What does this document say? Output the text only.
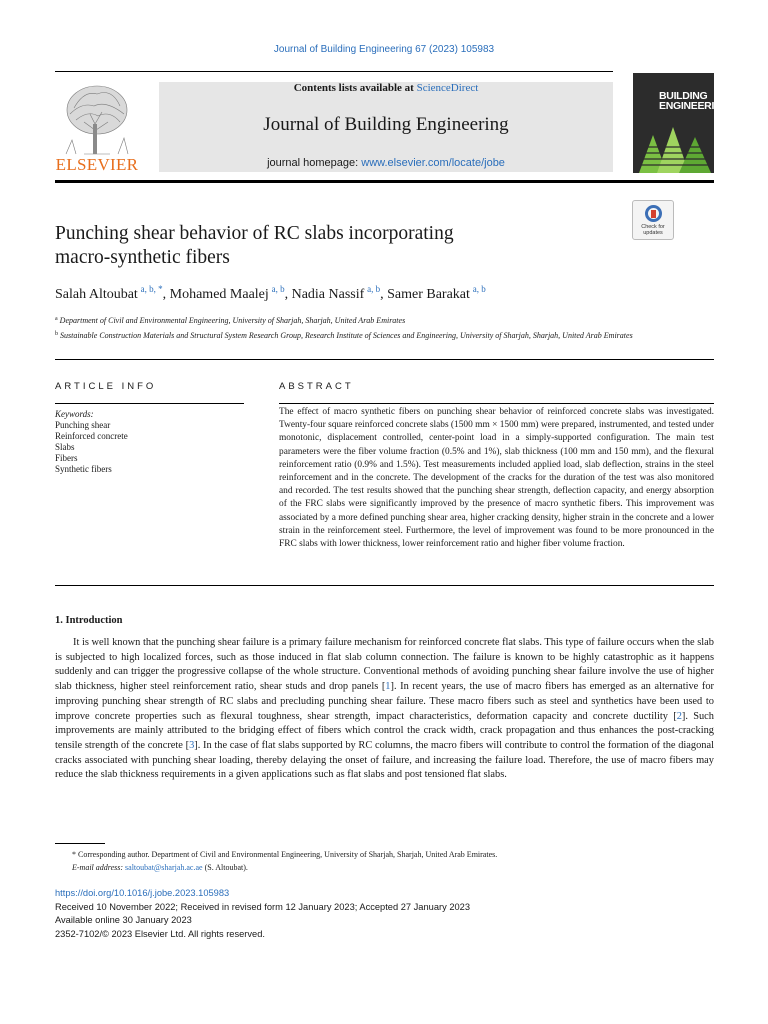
Journal of Building Engineering 67 (2023) 105983
ELSEVIER
Contents lists available at ScienceDirect
Journal of Building Engineering
journal homepage: www.elsevier.com/locate/jobe
BUILDING
ENGINEERING
Check for
updates
Punching shear behavior of RC slabs incorporating
macro-synthetic fibers
Salah Altoubat  $^{a, b, *}$, Mohamed Maalej  $^{a, b}$, Nadia Nassif  $^{a, b}$, Samer Barakat  $^{a, b}$
$^a$ Department of Civil and Environmental Engineering, University of Sharjah, Sharjah, United Arab Emirates
$^b$ Sustainable Construction Materials and Structural System Research Group, Research Institute of Sciences and Engineering, University of Sharjah, Sharjah, United Arab Emirates
ARTICLE INFO	ABSTRACT
Keywords:
Punching shear
Reinforced concrete
Slabs
Fibers
Synthetic fibers
The effect of macro synthetic fibers on punching shear behavior of reinforced concrete slabs was investigated. Twenty-four square reinforced concrete slabs (1500 mm × 1500 mm) were prepared, instrumented, and tested under monotonic, displacement controlled, center-point load in a simply-supported configuration. The main test parameters were the fiber volume fraction (0.5% and 1%), slab thickness (100 mm and 150 mm), and the flexural reinforcement ratio (0.9% and 1.5%). Test measurements included applied load, slab deflection, strains in the steel reinforcement and in the concrete. The development of the cracks for the duration of the test was also monitored and recorded. The test results showed that the punching shear strength, deflection capacity, and energy absorption of the FRC slabs were significantly improved by the presence of macro synthetic fibers. This improvement was associated by a more defined punching shear area, higher cracking density, higher strain in the concrete and a lower strain in the reinforcement steel. Furthermore, the level of improvement was found to be more pronounced in the FRC slabs with lower thickness, lower reinforcement ratio and higher fiber volume fraction.
1. Introduction
It is well known that the punching shear failure is a primary failure mechanism for reinforced concrete flat slabs. This type of failure occurs when the slab is subjected to high localized forces, such as those induced in flat slab column connection. The failure is known to be highly catastrophic as it happens suddenly and can trigger the progressive collapse of the whole structure. Conventional methods of avoiding punching shear failure involve the use of higher slab thickness, higher steel reinforcement ratio, shear studs and drop panels [1]. In recent years, the use of macro fibers has emerged as an alternative for improving punching shear strength of RC slabs and precluding punching shear failure. These macro fibers such as steel and synthetics have been used to improve concrete properties such as flexural toughness, shear strength, impact characteristics, deformation capacity and concrete ductility [2]. Such improvements are mainly attributed to the bridging effect of fibers which control the crack width, crack propagation and thus enhances the post-cracking tensile strength of the concrete [3]. In the case of flat slabs supported by RC columns, the macro fibers will contribute to control the formation of the diagonal cracks associated with punching shear loading, thereby delaying the onset of failure, and increasing the failure load. Therefore, the use of macro fibers may reduce the slab thickness requirements in a given applications such as flat slabs and post tensioned flat slabs.
* Corresponding author. Department of Civil and Environmental Engineering, University of Sharjah, Sharjah, United Arab Emirates.
E-mail address: saltoubat@sharjah.ac.ae (S. Altoubat).
https://doi.org/10.1016/j.jobe.2023.105983
Received 10 November 2022; Received in revised form 12 January 2023; Accepted 27 January 2023
Available online 30 January 2023
2352-7102/© 2023 Elsevier Ltd. All rights reserved.
